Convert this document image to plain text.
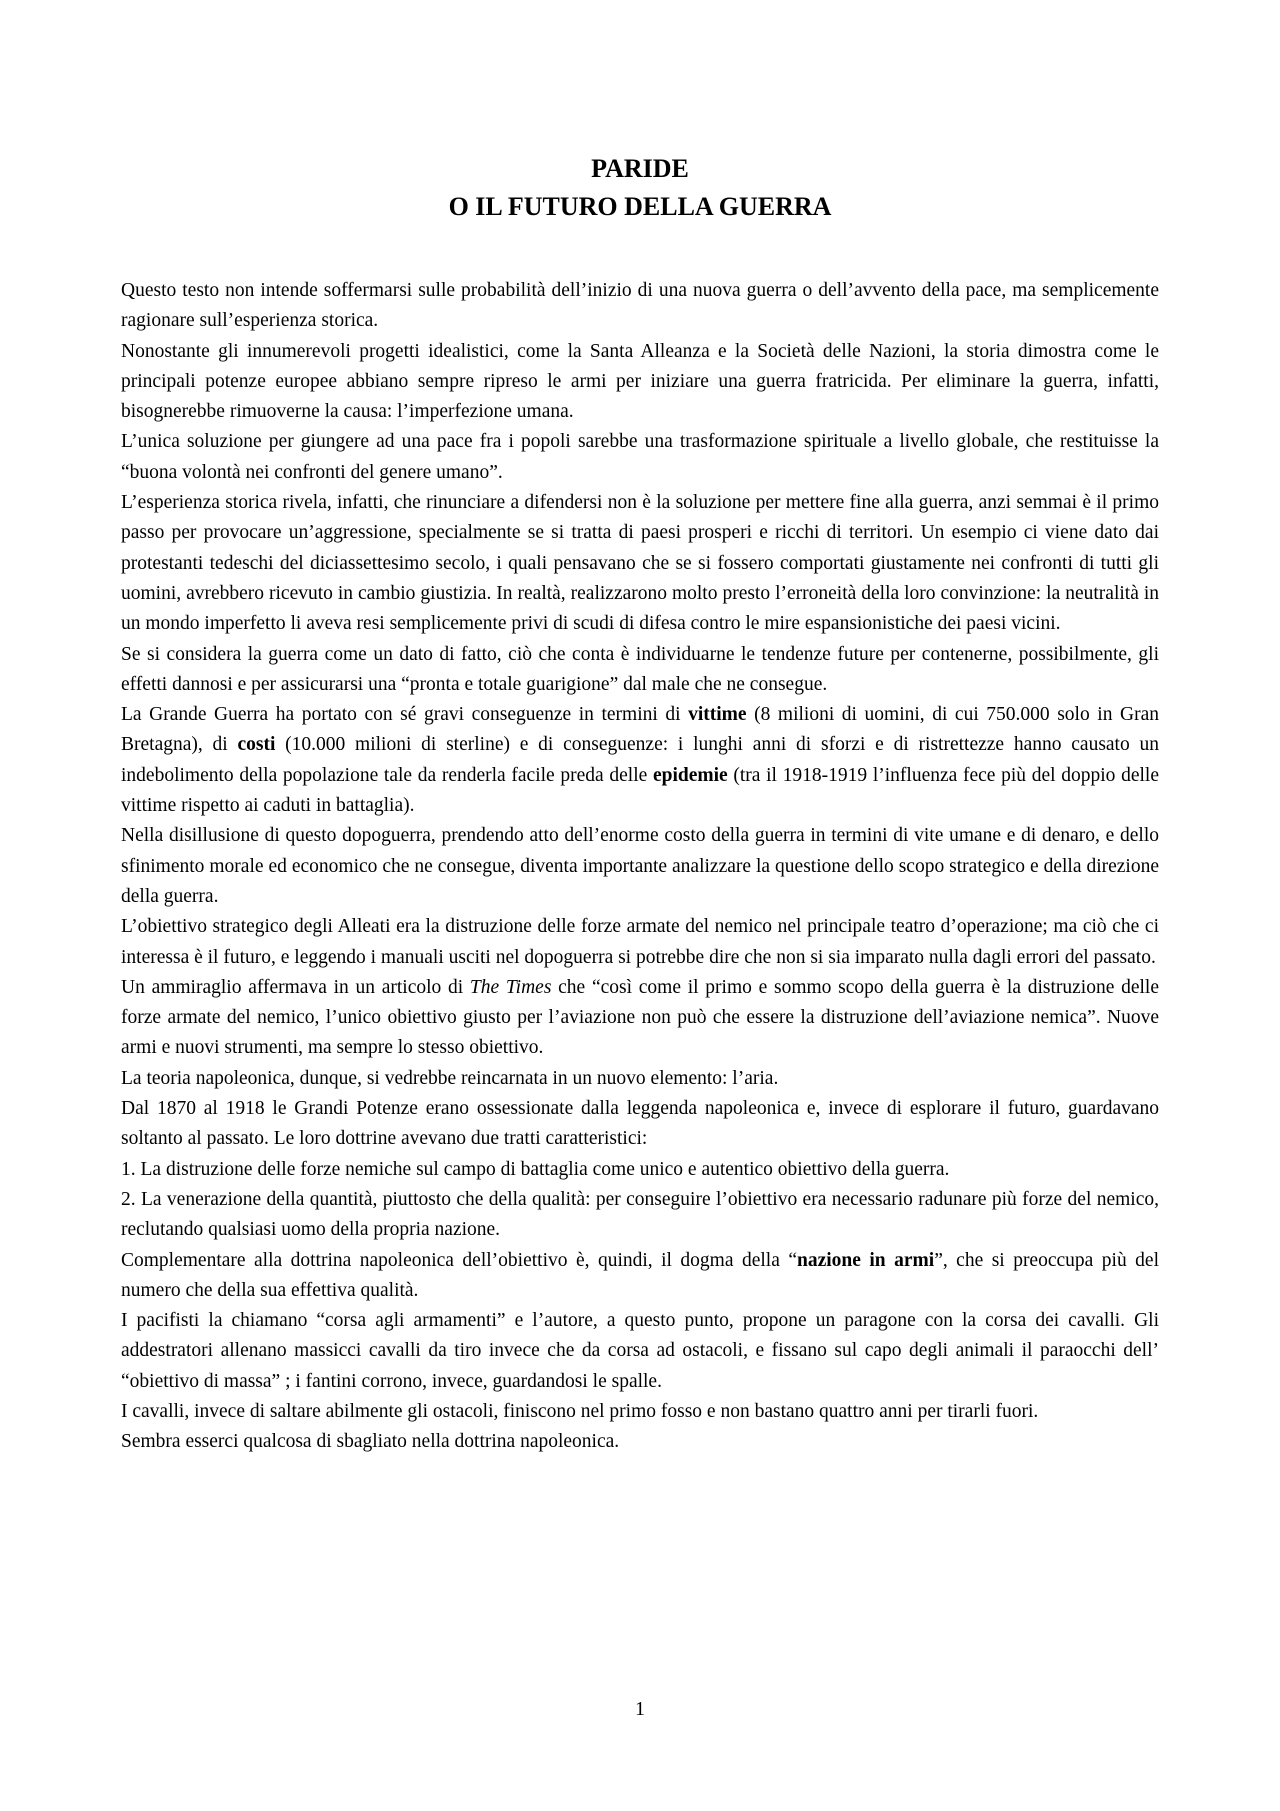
PARIDE
O IL FUTURO DELLA GUERRA

Questo testo non intende soffermarsi sulle probabilità dell’inizio di una nuova guerra o dell’avvento della pace, ma semplicemente ragionare sull’esperienza storica.

Nonostante gli innumerevoli progetti idealistici, come la Santa Alleanza e la Società delle Nazioni, la storia dimostra come le principali potenze europee abbiano sempre ripreso le armi per iniziare una guerra fratricida. Per eliminare la guerra, infatti, bisognerebbe rimuoverne la causa: l’imperfezione umana.

L’unica soluzione per giungere ad una pace fra i popoli sarebbe una trasformazione spirituale a livello globale, che restituisse la “buona volontà nei confronti del genere umano”.

L’esperienza storica rivela, infatti, che rinunciare a difendersi non è la soluzione per mettere fine alla guerra, anzi semmai è il primo passo per provocare un’aggressione, specialmente se si tratta di paesi prosperi e ricchi di territori. Un esempio ci viene dato dai protestanti tedeschi del diciassettesimo secolo, i quali pensavano che se si fossero comportati giustamente nei confronti di tutti gli uomini, avrebbero ricevuto in cambio giustizia. In realtà, realizzarono molto presto l’erroneità della loro convinzione: la neutralità in un mondo imperfetto li aveva resi semplicemente privi di scudi di difesa contro le mire espansionistiche dei paesi vicini.

Se si considera la guerra come un dato di fatto, ciò che conta è individuarne le tendenze future per contenerne, possibilmente, gli effetti dannosi e per assicurarsi una “pronta e totale guarigione” dal male che ne consegue.

La Grande Guerra ha portato con sé gravi conseguenze in termini di vittime (8 milioni di uomini, di cui 750.000 solo in Gran Bretagna), di costi (10.000 milioni di sterline) e di conseguenze: i lunghi anni di sforzi e di ristrettezze hanno causato un indebolimento della popolazione tale da renderla facile preda delle epidemie (tra il 1918-1919 l’influenza fece più del doppio delle vittime rispetto ai caduti in battaglia).

Nella disillusione di questo dopoguerra, prendendo atto dell’enorme costo della guerra in termini di vite umane e di denaro, e dello sfinimento morale ed economico che ne consegue, diventa importante analizzare la questione dello scopo strategico e della direzione della guerra.

L’obiettivo strategico degli Alleati era la distruzione delle forze armate del nemico nel principale teatro d’operazione; ma ciò che ci interessa è il futuro, e leggendo i manuali usciti nel dopoguerra si potrebbe dire che non si sia imparato nulla dagli errori del passato.

Un ammiraglio affermava in un articolo di The Times che “così come il primo e sommo scopo della guerra è la distruzione delle forze armate del nemico, l’unico obiettivo giusto per l’aviazione non può che essere la distruzione dell’aviazione nemica”. Nuove armi e nuovi strumenti, ma sempre lo stesso obiettivo.

La teoria napoleonica, dunque, si vedrebbe reincarnata in un nuovo elemento: l’aria.

Dal 1870 al 1918 le Grandi Potenze erano ossessionate dalla leggenda napoleonica e, invece di esplorare il futuro, guardavano soltanto al passato. Le loro dottrine avevano due tratti caratteristici:

1. La distruzione delle forze nemiche sul campo di battaglia come unico e autentico obiettivo della guerra.

2. La venerazione della quantità, piuttosto che della qualità: per conseguire l’obiettivo era necessario radunare più forze del nemico, reclutando qualsiasi uomo della propria nazione.

Complementare alla dottrina napoleonica dell’obiettivo è, quindi, il dogma della “nazione in armi”, che si preoccupa più del numero che della sua effettiva qualità.

I pacifisti la chiamano “corsa agli armamenti” e l’autore, a questo punto, propone un paragone con la corsa dei cavalli. Gli addestratori allenano massicci cavalli da tiro invece che da corsa ad ostacoli, e fissano sul capo degli animali il paraocchi dell’ “obiettivo di massa” ; i fantini corrono, invece, guardandosi le spalle.

I cavalli, invece di saltare abilmente gli ostacoli, finiscono nel primo fosso e non bastano quattro anni per tirarli fuori.

Sembra esserci qualcosa di sbagliato nella dottrina napoleonica.

1
